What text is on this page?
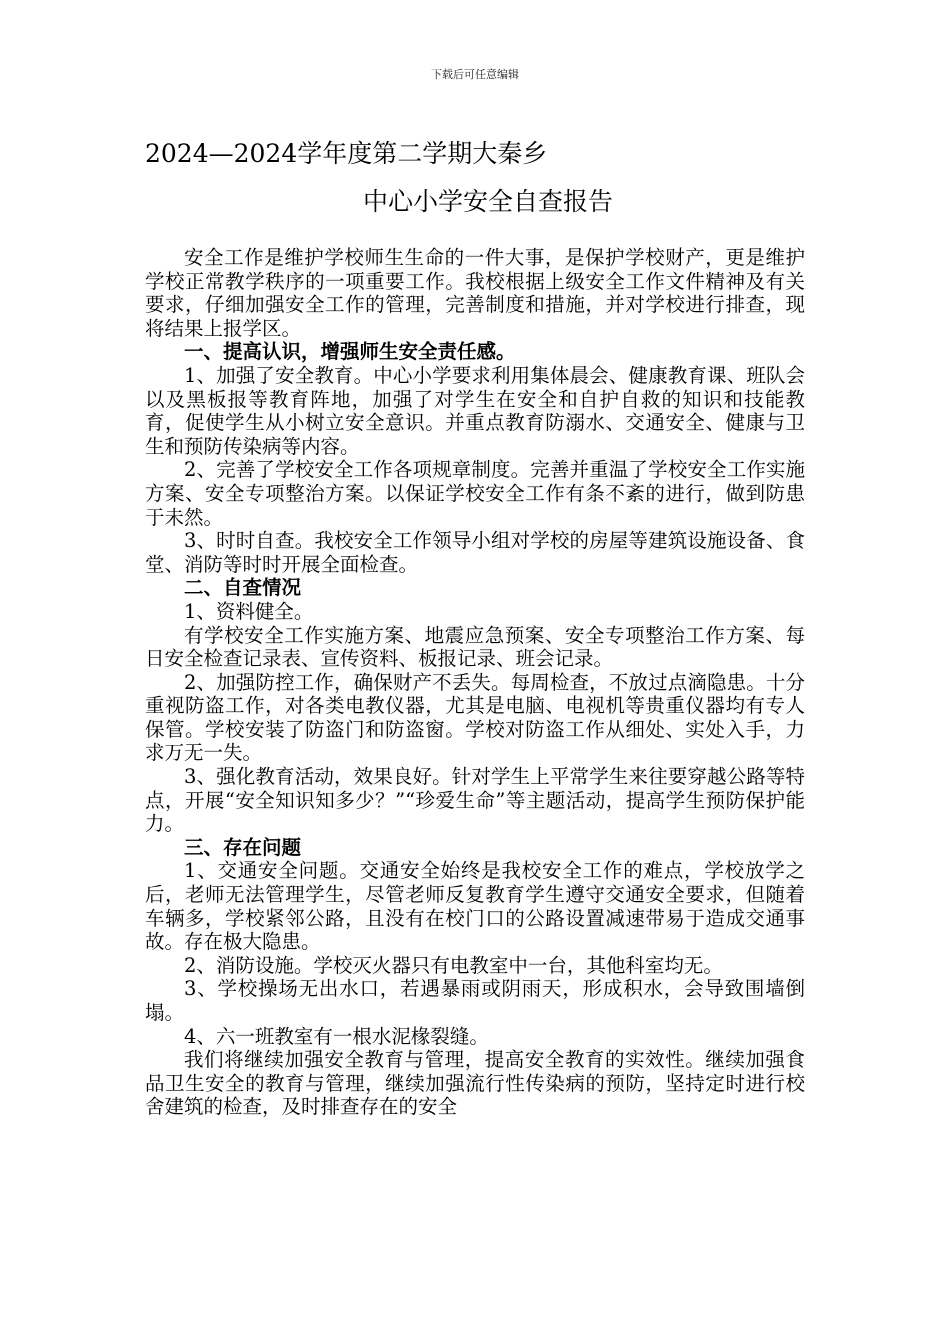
下载后可任意编辑
2024—2024学年度第二学期大秦乡
中心小学安全自查报告

安全工作是维护学校师生生命的一件大事，是保护学校财产，更是维护学校正常教学秩序的一项重要工作。我校根据上级安全工作文件精神及有关要求，仔细加强安全工作的管理，完善制度和措施，并对学校进行排查，现将结果上报学区。

一、提高认识，增强师生安全责任感。

1、加强了安全教育。中心小学要求利用集体晨会、健康教育课、班队会以及黑板报等教育阵地，加强了对学生在安全和自护自救的知识和技能教育，促使学生从小树立安全意识。并重点教育防溺水、交通安全、健康与卫生和预防传染病等内容。

2、完善了学校安全工作各项规章制度。完善并重温了学校安全工作实施方案、安全专项整治方案。以保证学校安全工作有条不紊的进行，做到防患于未然。

3、时时自查。我校安全工作领导小组对学校的房屋等建筑设施设备、食堂、消防等时时开展全面检查。

二、自查情况

1、资料健全。

有学校安全工作实施方案、地震应急预案、安全专项整治工作方案、每日安全检查记录表、宣传资料、板报记录、班会记录。

2、加强防控工作，确保财产不丢失。每周检查，不放过点滴隐患。十分重视防盗工作，对各类电教仪器，尤其是电脑、电视机等贵重仪器均有专人保管。学校安装了防盗门和防盗窗。学校对防盗工作从细处、实处入手，力求万无一失。

3、强化教育活动，效果良好。针对学生上平常学生来往要穿越公路等特点，开展“安全知识知多少？”“珍爱生命”等主题活动，提高学生预防保护能力。

三、存在问题

1、交通安全问题。交通安全始终是我校安全工作的难点，学校放学之后，老师无法管理学生，尽管老师反复教育学生遵守交通安全要求，但随着车辆多，学校紧邻公路，且没有在校门口的公路设置减速带易于造成交通事故。存在极大隐患。

2、消防设施。学校灭火器只有电教室中一台，其他科室均无。

3、学校操场无出水口，若遇暴雨或阴雨天，形成积水，会导致围墙倒塌。

4、六一班教室有一根水泥椽裂缝。

我们将继续加强安全教育与管理，提高安全教育的实效性。继续加强食品卫生安全的教育与管理，继续加强流行性传染病的预防，坚持定时进行校舍建筑的检查，及时排查存在的安全
